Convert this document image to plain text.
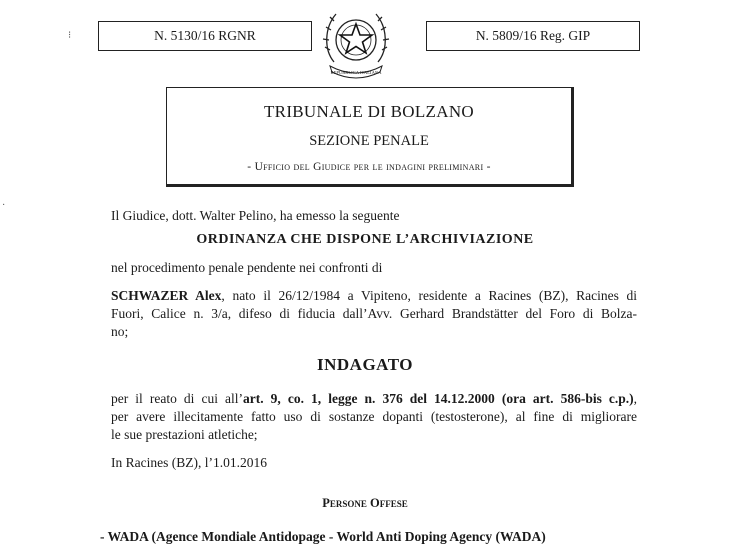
⁝	N. 5130/16 RGNR
REPUBBLICA ITALIANA
N. 5809/16 Reg. GIP
TRIBUNALE DI BOLZANO
SEZIONE PENALE
- Ufficio del Giudice per le indagini preliminari -
·
Il Giudice, dott. Walter Pelino, ha emesso la seguente
ORDINANZA CHE DISPONE L’ARCHIVIAZIONE
nel procedimento penale pendente nei confronti di
SCHWAZER Alex, nato il 26/12/1984 a Vipiteno, residente a Racines (BZ), Racines di
Fuori, Calice n. 3/a, difeso di fiducia dall’Avv. Gerhard Brandstätter del Foro di Bolza-
no;
INDAGATO
per il reato di cui all’art. 9, co. 1, legge n. 376 del 14.12.2000 (ora art. 586-bis c.p.),
per avere illecitamente fatto uso di sostanze dopanti (testosterone), al fine di migliorare
le sue prestazioni atletiche;
In Racines (BZ), l’1.01.2016
Persone Offese
- WADA (Agence Mondiale Antidopage - World Anti Doping Agency (WADA)
